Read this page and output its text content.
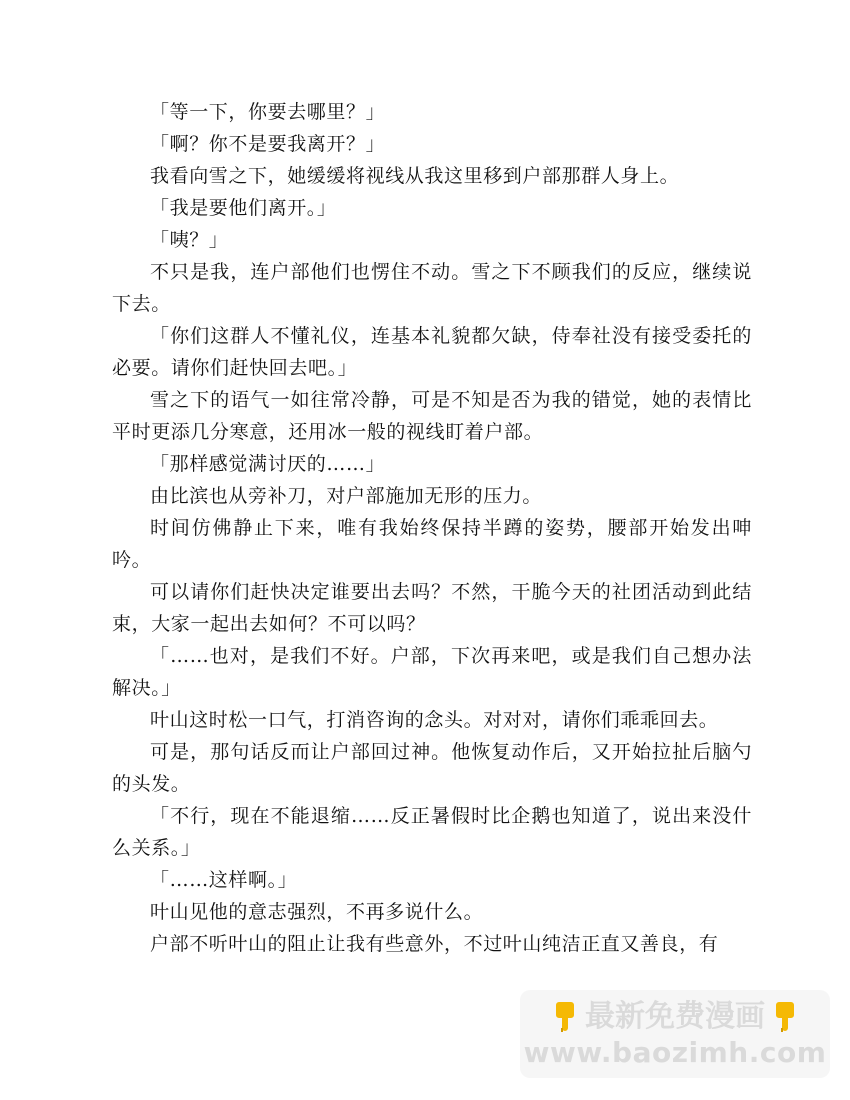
「等一下，你要去哪里？」

「啊？你不是要我离开？」

我看向雪之下，她缓缓将视线从我这里移到户部那群人身上。

「我是要他们离开。」

「咦？」

不只是我，连户部他们也愣住不动。雪之下不顾我们的反应，继续说下去。

「你们这群人不懂礼仪，连基本礼貌都欠缺，侍奉社没有接受委托的必要。请你们赶快回去吧。」

雪之下的语气一如往常冷静，可是不知是否为我的错觉，她的表情比平时更添几分寒意，还用冰一般的视线盯着户部。

「那样感觉满讨厌的……」

由比滨也从旁补刀，对户部施加无形的压力。

时间仿佛静止下来，唯有我始终保持半蹲的姿势，腰部开始发出呻吟。

可以请你们赶快决定谁要出去吗？不然，干脆今天的社团活动到此结束，大家一起出去如何？不可以吗？

「……也对，是我们不好。户部，下次再来吧，或是我们自己想办法解决。」

叶山这时松一口气，打消咨询的念头。对对对，请你们乖乖回去。

可是，那句话反而让户部回过神。他恢复动作后，又开始拉扯后脑勺的头发。

「不行，现在不能退缩……反正暑假时比企鹅也知道了，说出来没什么关系。」

「……这样啊。」

叶山见他的意志强烈，不再多说什么。

户部不听叶山的阻止让我有些意外，不过叶山纯洁正直又善良，有

最新免费漫画
www.baozimh.com
